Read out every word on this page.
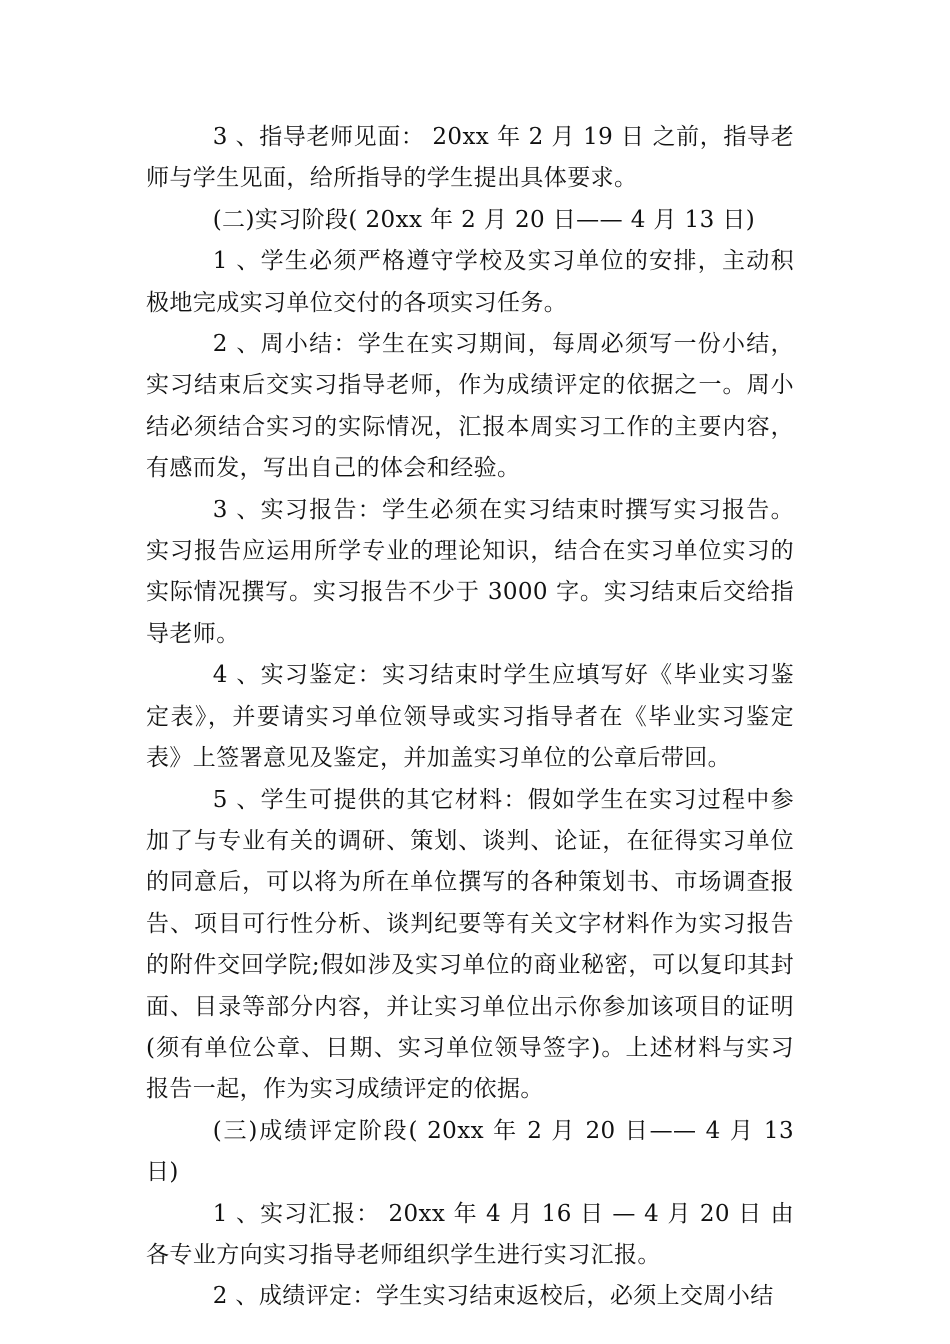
3 、指导老师见面： 20xx 年 2 月 19 日 之前，指导老师与学生见面，给所指导的学生提出具体要求。

(二)实习阶段( 20xx 年 2 月 20 日—— 4 月 13 日)

1 、学生必须严格遵守学校及实习单位的安排，主动积极地完成实习单位交付的各项实习任务。

2 、周小结：学生在实习期间，每周必须写一份小结，实习结束后交实习指导老师，作为成绩评定的依据之一。周小结必须结合实习的实际情况，汇报本周实习工作的主要内容，有感而发，写出自己的体会和经验。

3 、实习报告：学生必须在实习结束时撰写实习报告。实习报告应运用所学专业的理论知识，结合在实习单位实习的实际情况撰写。实习报告不少于 3000 字。实习结束后交给指导老师。

4 、实习鉴定：实习结束时学生应填写好《毕业实习鉴定表》，并要请实习单位领导或实习指导者在《毕业实习鉴定表》上签署意见及鉴定，并加盖实习单位的公章后带回。

5 、学生可提供的其它材料：假如学生在实习过程中参加了与专业有关的调研、策划、谈判、论证，在征得实习单位的同意后，可以将为所在单位撰写的各种策划书、市场调查报告、项目可行性分析、谈判纪要等有关文字材料作为实习报告的附件交回学院;假如涉及实习单位的商业秘密，可以复印其封面、目录等部分内容，并让实习单位出示你参加该项目的证明(须有单位公章、日期、实习单位领导签字)。上述材料与实习报告一起，作为实习成绩评定的依据。

(三)成绩评定阶段( 20xx 年 2 月 20 日—— 4 月 13 日)

1 、实习汇报： 20xx 年 4 月 16 日 — 4 月 20 日 由各专业方向实习指导老师组织学生进行实习汇报。

2 、成绩评定：学生实习结束返校后，必须上交周小结
